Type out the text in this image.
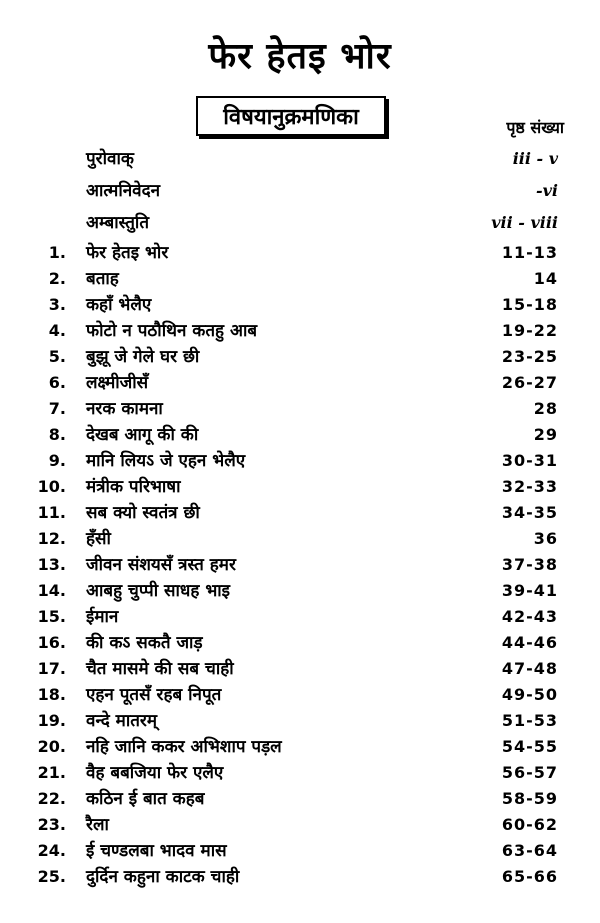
फेर हेतइ भोर
विषयानुक्रमणिका	पृष्ठ संख्या
पुरोवाक्	iii - v
आत्मनिवेदन	-vi
अम्बास्तुति	vii - viii
1. फेर हेतइ भोर	11-13
2. बताह	14
3. कहाँ भेलैए	15-18
4. फोटो न पठौथिन कतहु आब	19-22
5. बुझू जे गेले घर छी	23-25
6. लक्ष्मीजीसँ	26-27
7. नरक कामना	28
8. देखब आगू की की	29
9. मानि लियऽ जे एहन भेलैए	30-31
10. मंत्रीक परिभाषा	32-33
11. सब क्यो स्वतंत्र छी	34-35
12. हँसी	36
13. जीवन संशयसँ त्रस्त हमर	37-38
14. आबहु चुप्पी साधह भाइ	39-41
15. ईमान	42-43
16. की कऽ सकतै जाड़	44-46
17. चैत मासमे की सब चाही	47-48
18. एहन पूतसँ रहब निपूत	49-50
19. वन्दे मातरम्	51-53
20. नहि जानि ककर अभिशाप पड़ल	54-55
21. वैह बबजिया फेर एलैए	56-57
22. कठिन ई बात कहब	58-59
23. रैला	60-62
24. ई चण्डलबा भादव मास	63-64
25. दुर्दिन कहुना काटक चाही	65-66
